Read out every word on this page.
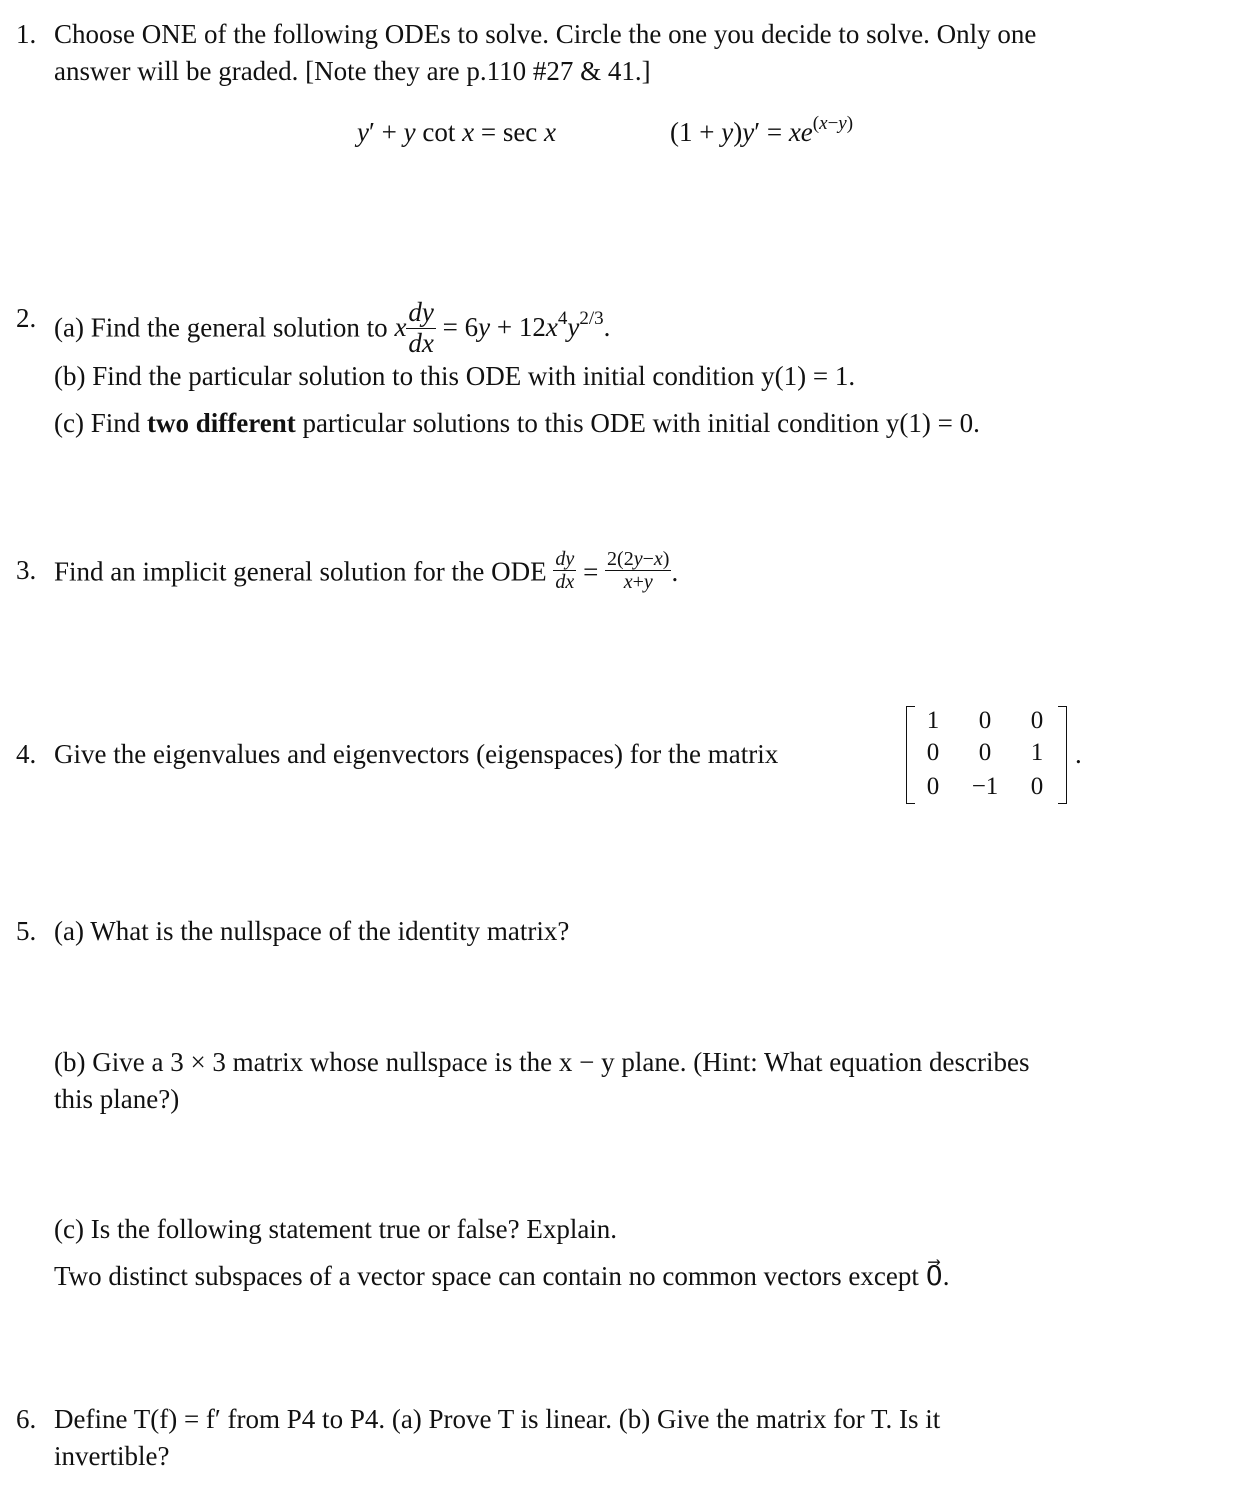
1. Choose ONE of the following ODEs to solve. Circle the one you decide to solve. Only one
answer will be graded. [Note they are p.110 #27 & 41.]
y′ + y cot x = sec x	$(1 + y)y' = xe^{(x-y)}$
2. (a) Find the general solution to x $\frac{dy}{dx} = 6y + 12x^4y^{2/3}$.
(b) Find the particular solution to this ODE with initial condition y(1) = 1.
(c) Find two different particular solutions to this ODE with initial condition y(1) = 0.
3. Find an implicit general solution for the ODE $\frac{dy}{dx} = \frac{2(2y-x)}{x+y}$ .
4. Give the eigenvalues and eigenvectors (eigenspaces) for the matrix
1	0	0
0	0	1
0	−1	0
.
5. (a) What is the nullspace of the identity matrix?
(b) Give a 3 × 3 matrix whose nullspace is the x − y plane. (Hint: What equation describes
this plane?)
(c) Is the following statement true or false? Explain.
Two distinct subspaces of a vector space can contain no common vectors except 0⃗.
6. Define T(f) = f′ from P4 to P4. (a) Prove T is linear. (b) Give the matrix for T. Is it
invertible?
